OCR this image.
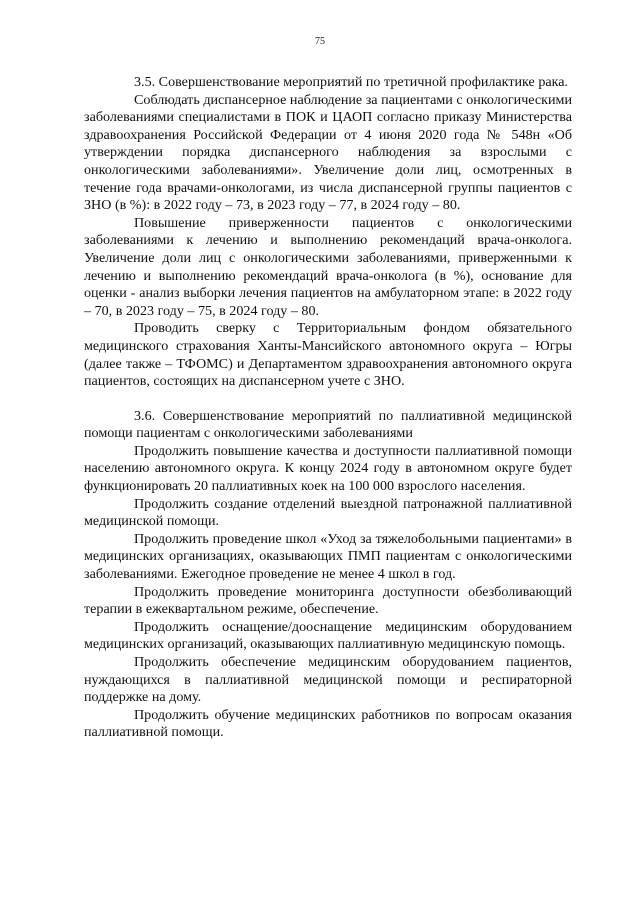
75

3.5. Совершенствование мероприятий по третичной профилактике рака.

Соблюдать диспансерное наблюдение за пациентами с онкологическими заболеваниями специалистами в ПОК и ЦАОП согласно приказу Министерства здравоохранения Российской Федерации от 4 июня 2020 года № 548н «Об утверждении порядка диспансерного наблюдения за взрослыми с онкологическими заболеваниями». Увеличение доли лиц, осмотренных в течение года врачами-онкологами, из числа диспансерной группы пациентов с ЗНО (в %): в 2022 году – 73, в 2023 году – 77, в 2024 году – 80.

Повышение приверженности пациентов с онкологическими заболеваниями к лечению и выполнению рекомендаций врача-онколога. Увеличение доли лиц с онкологическими заболеваниями, приверженными к лечению и выполнению рекомендаций врача-онколога (в %), основание для оценки - анализ выборки лечения пациентов на амбулаторном этапе: в 2022 году – 70, в 2023 году – 75, в 2024 году – 80.

Проводить сверку с Территориальным фондом обязательного медицинского страхования Ханты-Мансийского автономного округа – Югры (далее также – ТФОМС) и Департаментом здравоохранения автономного округа пациентов, состоящих на диспансерном учете с ЗНО.

3.6. Совершенствование мероприятий по паллиативной медицинской помощи пациентам с онкологическими заболеваниями

Продолжить повышение качества и доступности паллиативной помощи населению автономного округа. К концу 2024 году в автономном округе будет функционировать 20 паллиативных коек на 100 000 взрослого населения.

Продолжить создание отделений выездной патронажной паллиативной медицинской помощи.

Продолжить проведение школ «Уход за тяжелобольными пациентами» в медицинских организациях, оказывающих ПМП пациентам с онкологическими заболеваниями. Ежегодное проведение не менее 4 школ в год.

Продолжить проведение мониторинга доступности обезболивающий терапии в ежеквартальном режиме, обеспечение.

Продолжить оснащение/дооснащение медицинским оборудованием медицинских организаций, оказывающих паллиативную медицинскую помощь.

Продолжить обеспечение медицинским оборудованием пациентов, нуждающихся в паллиативной медицинской помощи и респираторной поддержке на дому.

Продолжить обучение медицинских работников по вопросам оказания паллиативной помощи.
